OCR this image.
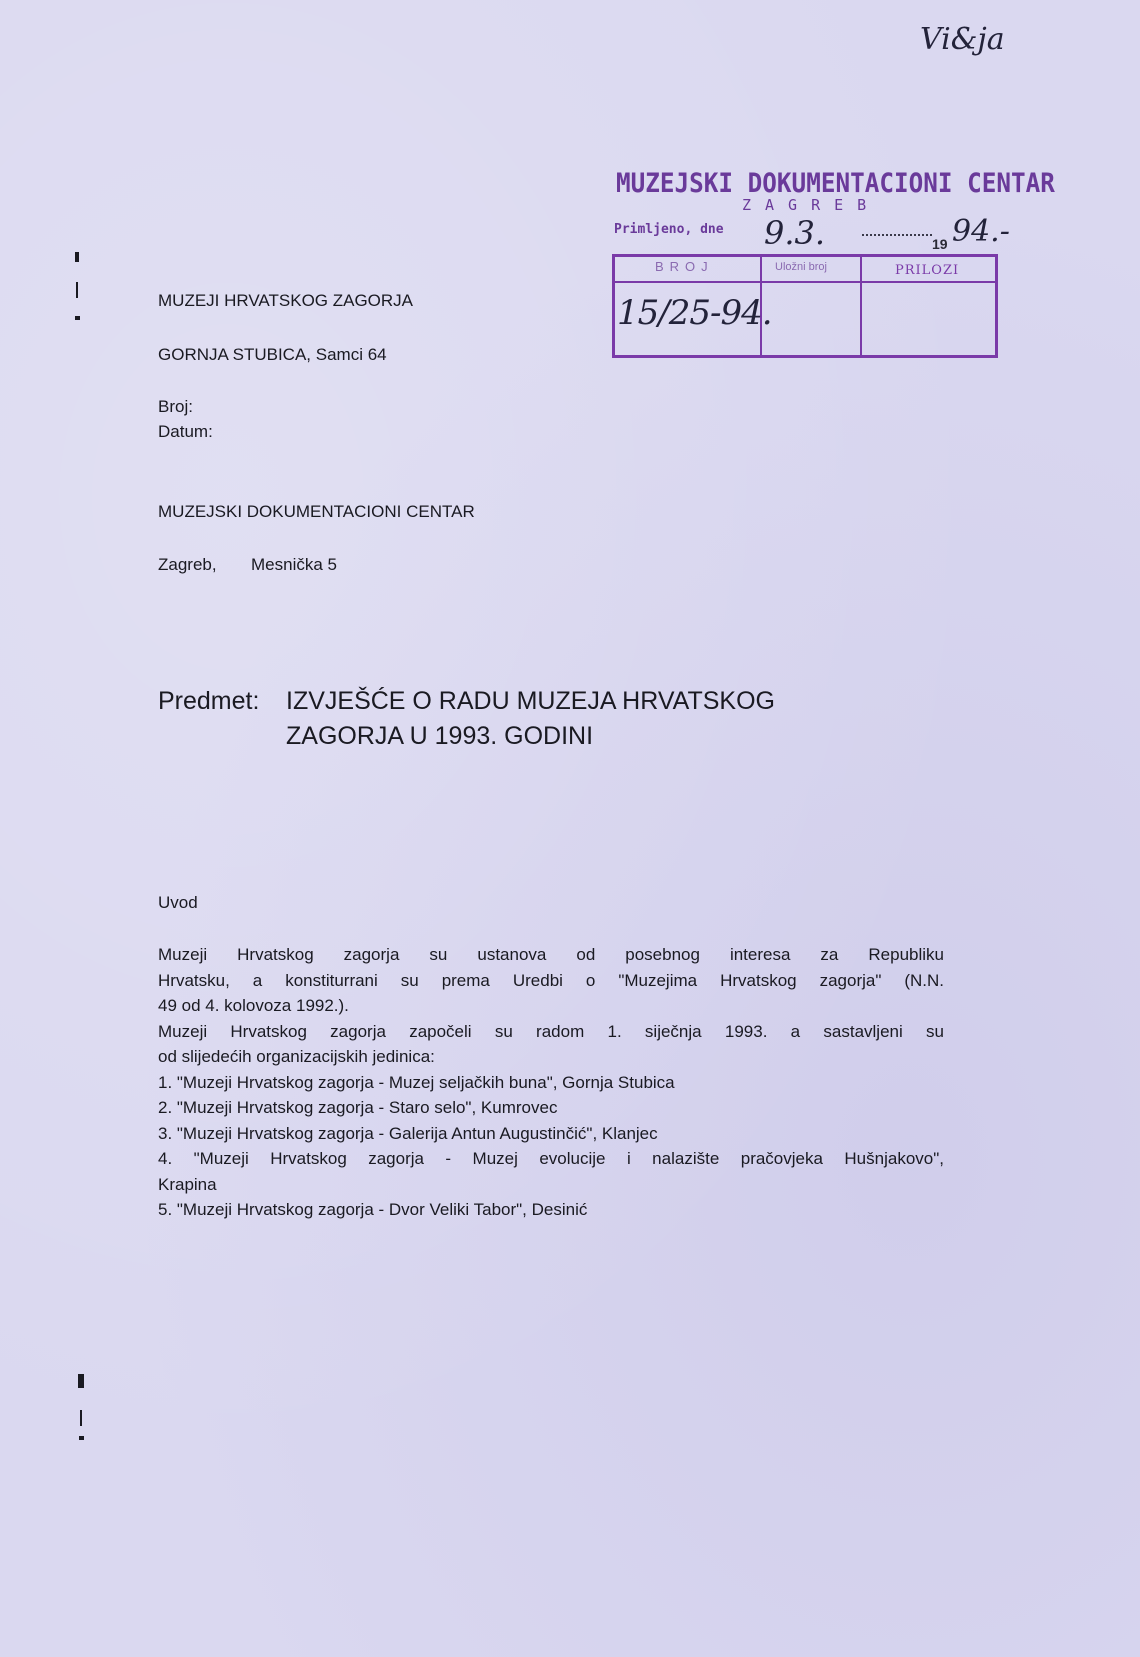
Vi&ja
MUZEJSKI DOKUMENTACIONI CENTAR
ZAGREB
Primljeno, dne 9.3.	19 94.-
BROJ	Uložni broj	PRILOZI
15/25-94.
MUZEJI HRVATSKOG ZAGORJA
GORNJA STUBICA, Samci 64
Broj:
Datum:
MUZEJSKI DOKUMENTACIONI CENTAR
Zagreb, Mesnička 5
Predmet: IZVJEŠĆE O RADU MUZEJA HRVATSKOG
ZAGORJA U 1993. GODINI
Uvod

Muzeji Hrvatskog zagorja su ustanova od posebnog interesa za Republiku

Hrvatsku, a konstiturrani su prema Uredbi o "Muzejima Hrvatskog zagorja" (N.N.

49 od 4. kolovoza 1992.).

Muzeji Hrvatskog zagorja započeli su radom 1. siječnja 1993. a sastavljeni su

od slijedećih organizacijskih jedinica:

1. "Muzeji Hrvatskog zagorja - Muzej seljačkih buna", Gornja Stubica

2. "Muzeji Hrvatskog zagorja - Staro selo", Kumrovec

3. "Muzeji Hrvatskog zagorja - Galerija Antun Augustinčić", Klanjec

4. "Muzeji Hrvatskog zagorja - Muzej evolucije i nalazište pračovjeka Hušnjakovo",

Krapina

5. "Muzeji Hrvatskog zagorja - Dvor Veliki Tabor", Desinić
